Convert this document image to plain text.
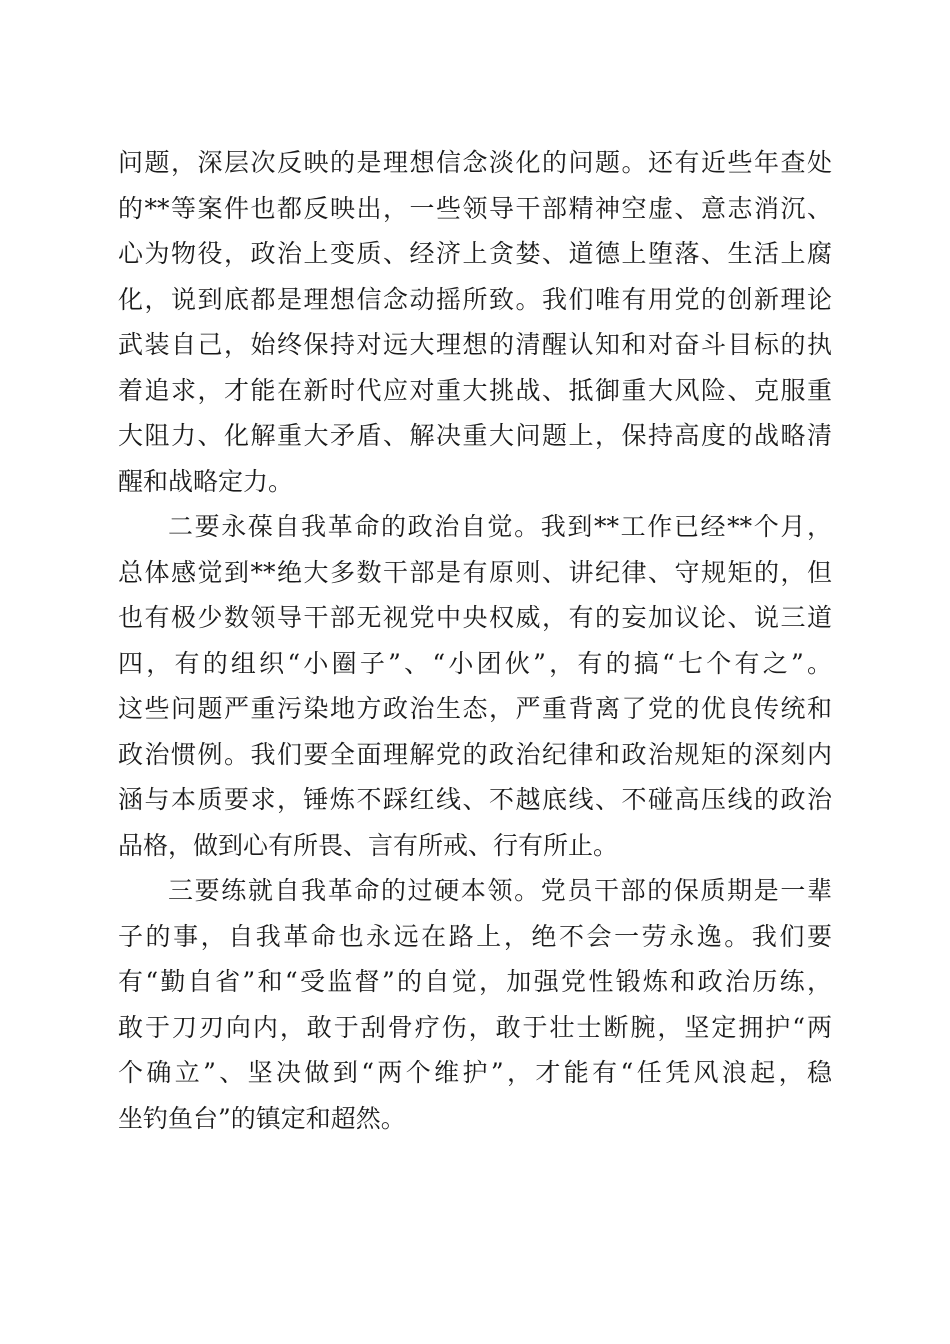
问题，深层次反映的是理想信念淡化的问题。还有近些年查处
的**等案件也都反映出，一些领导干部精神空虚、意志消沉、
心为物役，政治上变质、经济上贪婪、道德上堕落、生活上腐
化，说到底都是理想信念动摇所致。我们唯有用党的创新理论
武装自己，始终保持对远大理想的清醒认知和对奋斗目标的执
着追求，才能在新时代应对重大挑战、抵御重大风险、克服重
大阻力、化解重大矛盾、解决重大问题上，保持高度的战略清
醒和战略定力。
二要永葆自我革命的政治自觉。我到**工作已经**个月，
总体感觉到**绝大多数干部是有原则、讲纪律、守规矩的，但
也有极少数领导干部无视党中央权威，有的妄加议论、说三道
四，有的组织“小圈子”、“小团伙”，有的搞“七个有之”。
这些问题严重污染地方政治生态，严重背离了党的优良传统和
政治惯例。我们要全面理解党的政治纪律和政治规矩的深刻内
涵与本质要求，锤炼不踩红线、不越底线、不碰高压线的政治
品格，做到心有所畏、言有所戒、行有所止。
三要练就自我革命的过硬本领。党员干部的保质期是一辈
子的事，自我革命也永远在路上，绝不会一劳永逸。我们要
有“勤自省”和“受监督”的自觉，加强党性锻炼和政治历练，
敢于刀刃向内，敢于刮骨疗伤，敢于壮士断腕，坚定拥护“两
个确立”、坚决做到“两个维护”，才能有“任凭风浪起，稳
坐钓鱼台”的镇定和超然。
